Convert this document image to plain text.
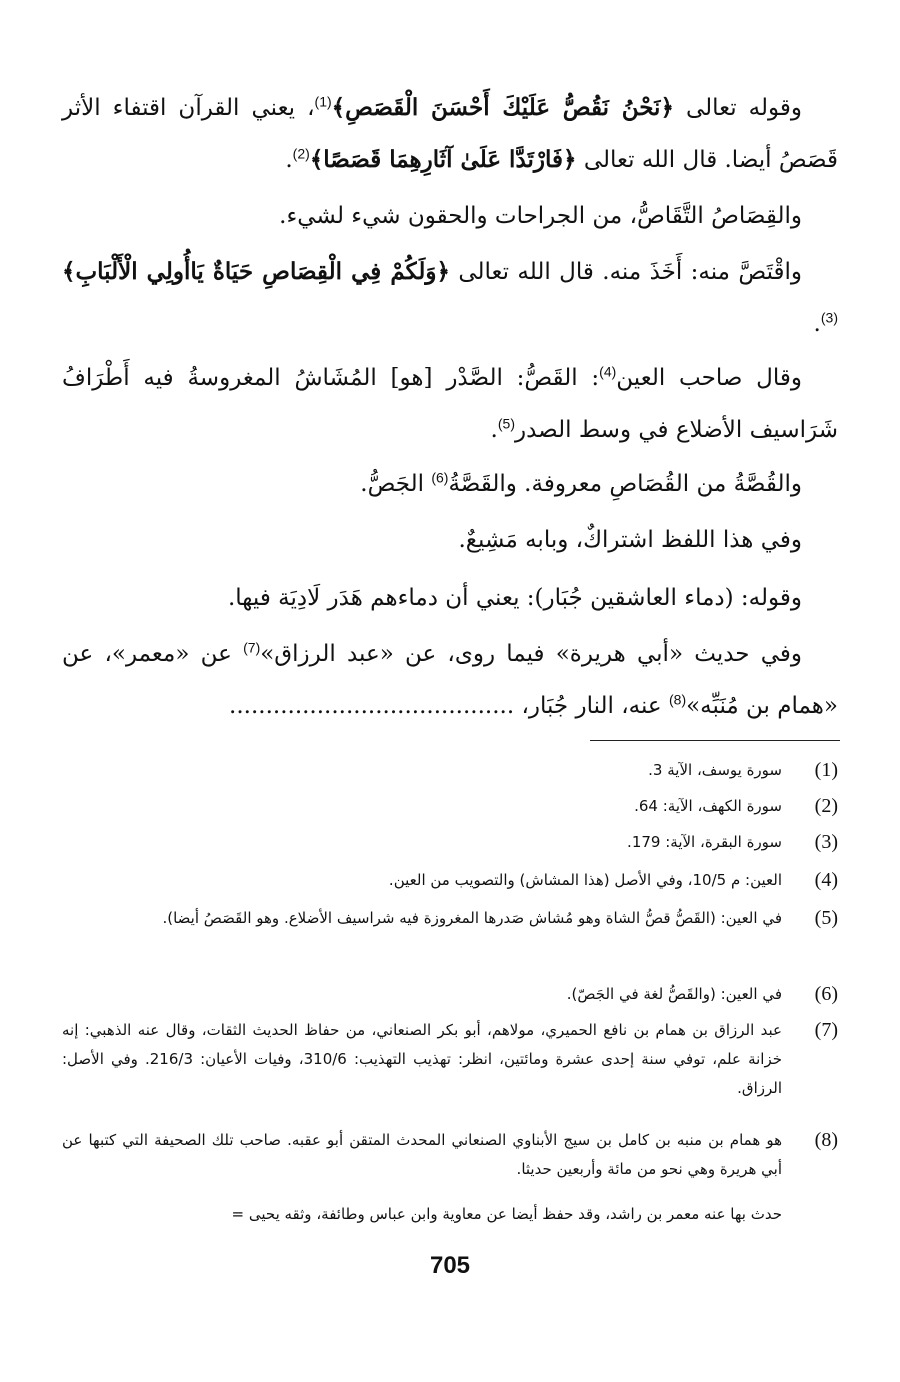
وقوله تعالى ﴿نَحْنُ نَقُصُّ عَلَيْكَ أَحْسَنَ الْقَصَصِ﴾$^{(1)}$، يعني القرآن اقتفاء الأثر قَصَصُ أيضا. قال الله تعالى ﴿فَارْتَدَّا عَلَىٰ آثَارِهِمَا قَصَصًا﴾$^{(2)}$.
والقِصَاصُ التَّقَاصُّ، من الجراحات والحقون شيء لشيء.
واقْتَصَّ منه: أَخَذَ منه. قال الله تعالى ﴿وَلَكُمْ فِي الْقِصَاصِ حَيَاةٌ يَاأُولِي الْأَلْبَابِ﴾$^{(3)}$.
وقال صاحب العين$^{(4)}$: القَصُّ: الصَّدْر [هو] المُشَاشُ المغروسةُ فيه أَطْرَافُ شَرَاسيف الأضلاع في وسط الصدر$^{(5)}$.
والقُصَّةُ من القُصَاصِ معروفة. والقَصَّةُ$^{(6)}$ الجَصُّ.
وفي هذا اللفظ اشتراكٌ، وبابه مَشِيعٌ.
وقوله: (دماء العاشقين جُبَار): يعني أن دماءهم هَدَر لَادِيَة فيها.
وفي حديث «أبي هريرة» فيما روى، عن «عبد الرزاق»$^{(7)}$ عن «معمر»، عن «همام بن مُنَبِّه»$^{(8)}$ عنه، النار جُبَار، .......................................
(1)
سورة يوسف، الآية 3.
(2)
سورة الكهف، الآية: 64.
(3)
سورة البقرة، الآية: 179.
(4)
العين: م 10/5، وفي الأصل (هذا المشاش) والتصويب من العين.
(5)
في العين: (القَصُّ قصُّ الشاة وهو مُشاش صَدرها المغروزة فيه شراسيف الأضلاع. وهو القَصَصُ أيضا).
(6)
في العين: (والقَصُّ لغة في الجَصّ).
(7)
عبد الرزاق بن همام بن نافع الحميري، مولاهم، أبو بكر الصنعاني، من حفاظ الحديث الثقات، وقال عنه الذهبي: إنه خزانة علم، توفي سنة إحدى عشرة ومائتين، انظر: تهذيب التهذيب: 310/6، وفيات الأعيان: 216/3. وفي الأصل: الرزاق.
(8)
هو همام بن منبه بن كامل بن سيج الأبناوي الصنعاني المحدث المتقن أبو عقبه. صاحب تلك الصحيفة التي كتبها عن أبي هريرة وهي نحو من مائة وأربعين حديثا.
حدث بها عنه معمر بن راشد، وقد حفظ أيضا عن معاوية وابن عباس وطائفة، وثقه يحيى =
705
